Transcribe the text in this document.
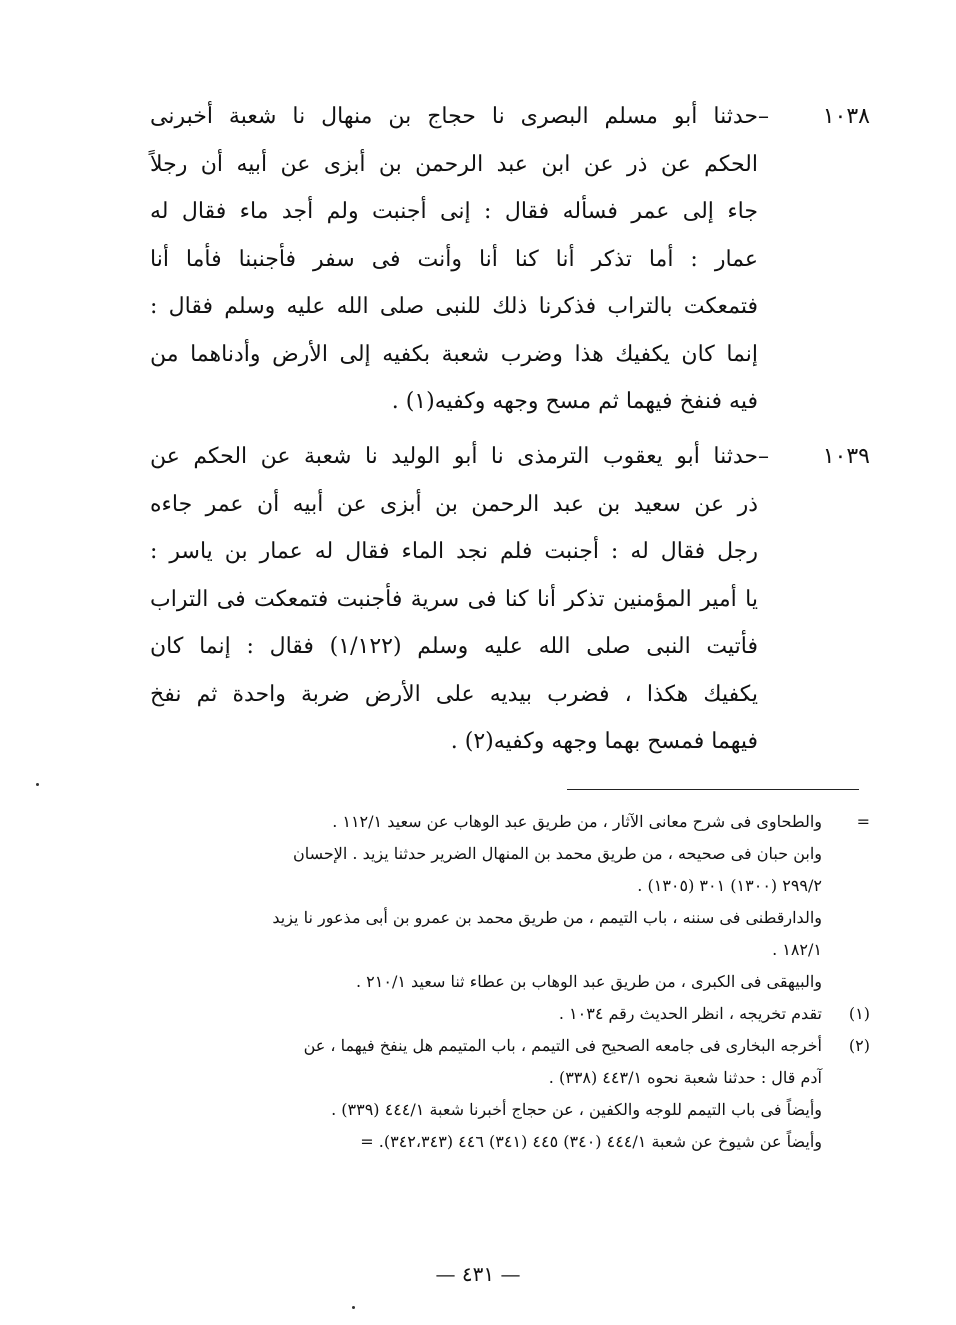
١٠٣٨ –حدثنا أبو مسلم البصرى نا حجاج بن منهال نا شعبة أخبرنى
الحكم عن ذر عن ابن عبد الرحمن بن أبزى عن أبيه أن رجلاً
جاء إلى عمر فسأله فقال : إنى أجنبت ولم أجد ماء فقال له
عمار : أما تذكر أنا كنا أنا وأنت فى سفر فأجنبنا فأما أنا
فتمعكت بالتراب فذكرنا ذلك للنبى صلى الله عليه وسلم فقال :
إنما كان يكفيك هذا وضرب شعبة بكفيه إلى الأرض وأدناهما من
فيه فنفخ فيهما ثم مسح وجهه وكفيه(١) .
١٠٣٩ –حدثنا أبو يعقوب الترمذى نا أبو الوليد نا شعبة عن الحكم عن
ذر عن سعيد بن عبد الرحمن بن أبزى عن أبيه أن عمر جاءه
رجل فقال له : أجنبت فلم نجد الماء فقال له عمار بن ياسر :
يا أمير المؤمنين تذكر أنا كنا فى سرية فأجنبت فتمعكت فى التراب
فأتيت النبى صلى الله عليه وسلم (١/١٢٢) فقال : إنما كان
يكفيك هكذا ، فضرب بيديه على الأرض ضربة واحدة ثم نفخ
فيهما فمسح بهما وجهه وكفيه(٢) .
=والطحاوى فى شرح معانى الآثار ، من طريق عبد الوهاب عن سعيد ١١٢/١ .
وابن حبان فى صحيحه ، من طريق محمد بن المنهال الضرير حدثنا يزيد . الإحسان
٢٩٩/٢ (١٣٠٠) ٣٠١ (١٣٠٥) .
والدارقطنى فى سننه ، باب التيمم ، من طريق محمد بن عمرو بن أبى مذعور نا يزيد
١٨٢/١ .
والبيهقى فى الكبرى ، من طريق عبد الوهاب بن عطاء ثنا سعيد ٢١٠/١ .
(١)تقدم تخريجه ، انظر الحديث رقم ١٠٣٤ .
(٢)أخرجه البخارى فى جامعه الصحيح فى التيمم ، باب المتيمم هل ينفخ فيهما ، عن
آدم قال : حدثنا شعبة نحوه ٤٤٣/١ (٣٣٨) .
وأيضاً فى باب التيمم للوجه والكفين ، عن حجاج أخبرنا شعبة ٤٤٤/١ (٣٣٩) .
وأيضاً عن شيوخ عن شعبة ٤٤٤/١ (٣٤٠) ٤٤٥ (٣٤١) ٤٤٦ (٣٤٢،٣٤٣). =
— ٤٣١ —
